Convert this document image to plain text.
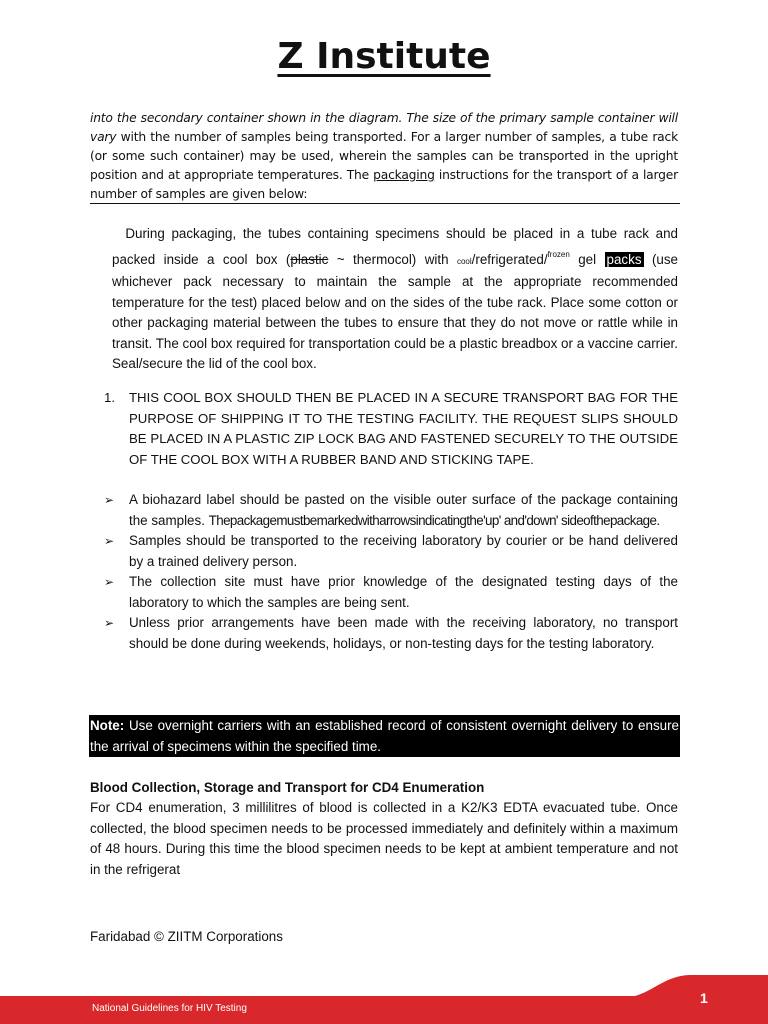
Z Institute
into the secondary container shown in the diagram. The size of the primary sample container will vary with the number of samples being transported. For a larger number of samples, a tube rack (or some such container) may be used, wherein the samples can be transported in the upright position and at appropriate temperatures. The packaging instructions for the transport of a larger number of samples are given below:
During packaging, the tubes containing specimens should be placed in a tube rack and packed inside a cool box (plastic ~ thermocol) with cool/refrigerated/$^{frozen}$ gel packs (use whichever pack necessary to maintain the sample at the appropriate recommended temperature for the test) placed below and on the sides of the tube rack. Place some cotton or other packaging material between the tubes to ensure that they do not move or rattle while in transit. The cool box required for transportation could be a plastic breadbox or a vaccine carrier. Seal/secure the lid of the cool box.
1. THIS COOL BOX SHOULD THEN BE PLACED IN A SECURE TRANSPORT BAG FOR THE PURPOSE OF SHIPPING IT TO THE TESTING FACILITY. THE REQUEST SLIPS SHOULD BE PLACED IN A PLASTIC ZIP LOCK BAG AND FASTENED SECURELY TO THE OUTSIDE OF THE COOL BOX WITH A RUBBER BAND AND STICKING TAPE.
➢ A biohazard label should be pasted on the visible outer surface of the package containing the samples. Thepackagemustbemarkedwitharrowsindicatingthe'up' and'down' sideofthepackage.
➢ Samples should be transported to the receiving laboratory by courier or be hand delivered by a trained delivery person.
➢ The collection site must have prior knowledge of the designated testing days of the laboratory to which the samples are being sent.
➢ Unless prior arrangements have been made with the receiving laboratory, no transport should be done during weekends, holidays, or non-testing days for the testing laboratory.
Note: Use overnight carriers with an established record of consistent overnight delivery to ensure the arrival of specimens within the specified time.
Blood Collection, Storage and Transport for CD4 Enumeration
For CD4 enumeration, 3 millilitres of blood is collected in a K2/K3 EDTA evacuated tube. Once collected, the blood specimen needs to be processed immediately and definitely within a maximum of 48 hours. During this time the blood specimen needs to be kept at ambient temperature and not in the refrigerat
Faridabad © ZIITM Corporations
National Guidelines for HIV Testing
1
